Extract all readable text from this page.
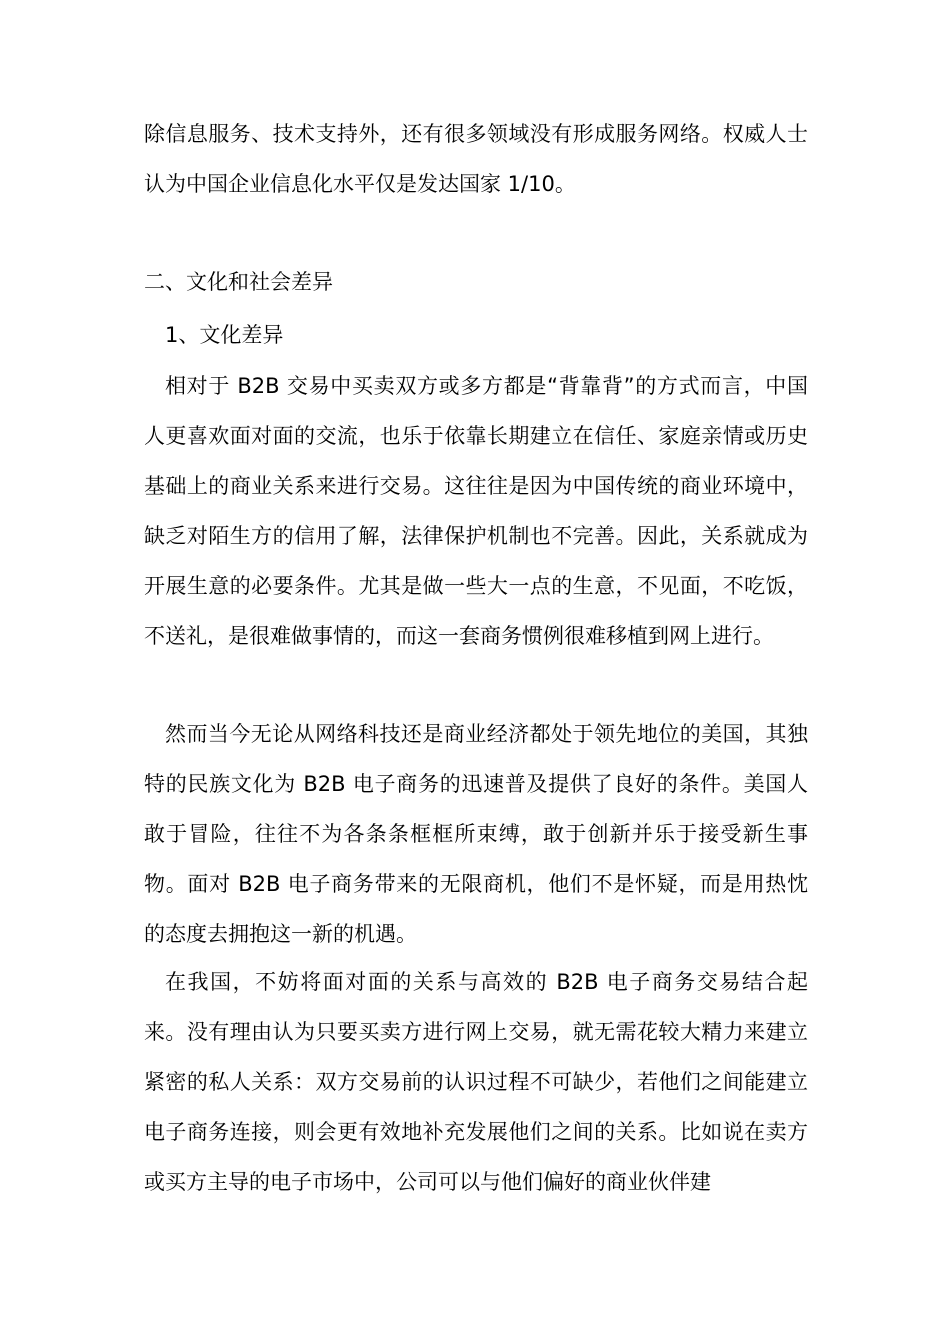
除信息服务、技术支持外，还有很多领域没有形成服务网络。权威人士认为中国企业信息化水平仅是发达国家 1/10。

二、文化和社会差异

1、文化差异

相对于 B2B 交易中买卖双方或多方都是“背靠背”的方式而言，中国人更喜欢面对面的交流，也乐于依靠长期建立在信任、家庭亲情或历史基础上的商业关系来进行交易。这往往是因为中国传统的商业环境中，缺乏对陌生方的信用了解，法律保护机制也不完善。因此，关系就成为开展生意的必要条件。尤其是做一些大一点的生意，不见面，不吃饭，不送礼，是很难做事情的，而这一套商务惯例很难移植到网上进行。

然而当今无论从网络科技还是商业经济都处于领先地位的美国，其独特的民族文化为 B2B 电子商务的迅速普及提供了良好的条件。美国人敢于冒险，往往不为各条条框框所束缚，敢于创新并乐于接受新生事物。面对 B2B 电子商务带来的无限商机，他们不是怀疑，而是用热忱的态度去拥抱这一新的机遇。

在我国，不妨将面对面的关系与高效的 B2B 电子商务交易结合起来。没有理由认为只要买卖方进行网上交易，就无需花较大精力来建立紧密的私人关系：双方交易前的认识过程不可缺少，若他们之间能建立电子商务连接，则会更有效地补充发展他们之间的关系。比如说在卖方或买方主导的电子市场中，公司可以与他们偏好的商业伙伴建
